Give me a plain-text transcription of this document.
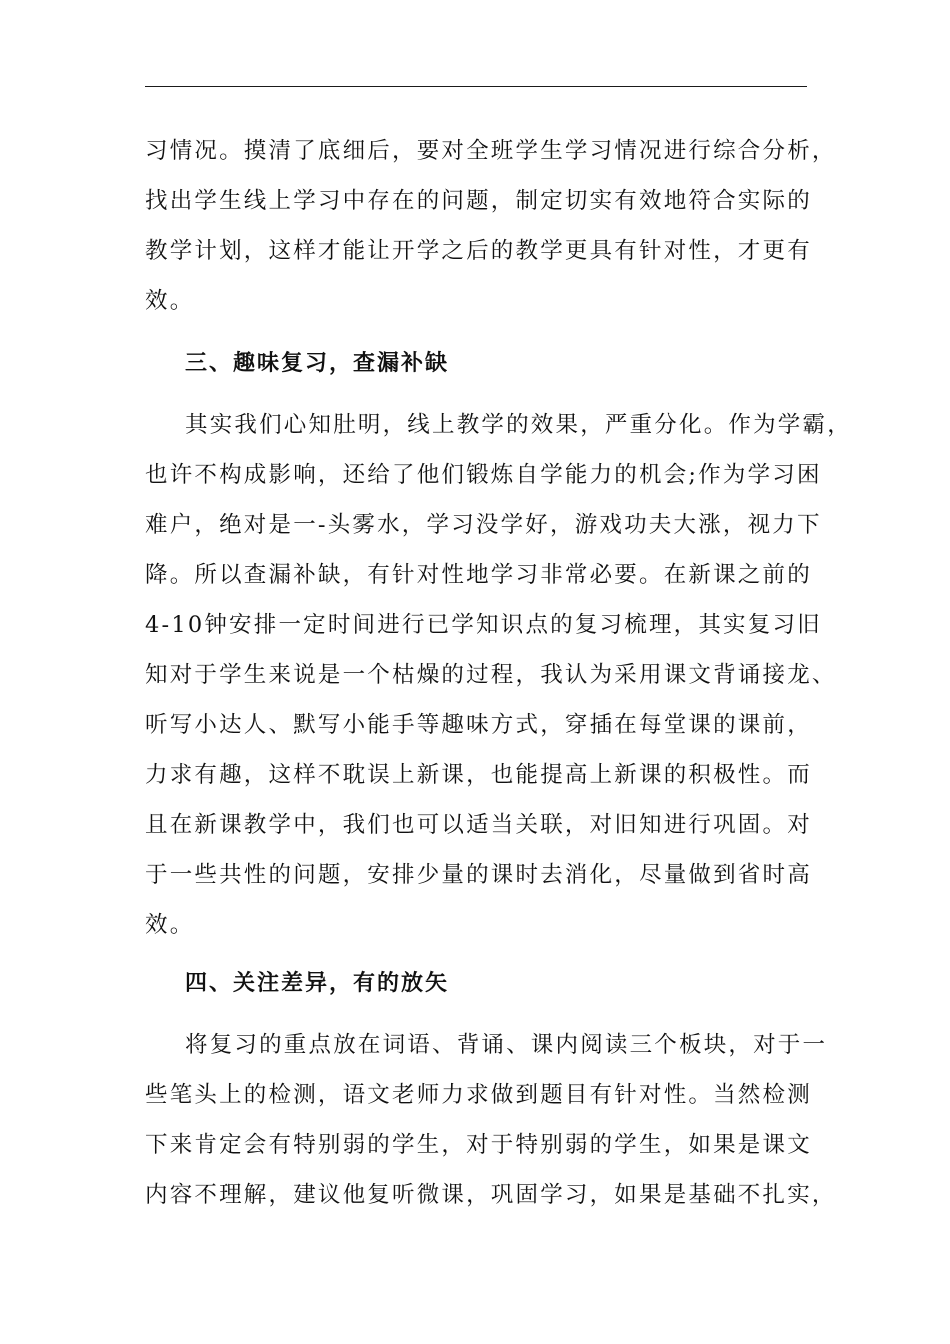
习情况。摸清了底细后，要对全班学生学习情况进行综合分析，
找出学生线上学习中存在的问题，制定切实有效地符合实际的
教学计划，这样才能让开学之后的教学更具有针对性，才更有
效。
三、趣味复习，查漏补缺
其实我们心知肚明，线上教学的效果，严重分化。作为学霸，
也许不构成影响，还给了他们锻炼自学能力的机会;作为学习困
难户，绝对是一-头雾水，学习没学好，游戏功夫大涨，视力下
降。所以查漏补缺，有针对性地学习非常必要。在新课之前的
4-10钟安排一定时间进行已学知识点的复习梳理，其实复习旧
知对于学生来说是一个枯燥的过程，我认为采用课文背诵接龙、
听写小达人、默写小能手等趣味方式，穿插在每堂课的课前，
力求有趣，这样不耽误上新课，也能提高上新课的积极性。而
且在新课教学中，我们也可以适当关联，对旧知进行巩固。对
于一些共性的问题，安排少量的课时去消化，尽量做到省时高
效。
四、关注差异，有的放矢
将复习的重点放在词语、背诵、课内阅读三个板块，对于一
些笔头上的检测，语文老师力求做到题目有针对性。当然检测
下来肯定会有特别弱的学生，对于特别弱的学生，如果是课文
内容不理解，建议他复听微课，巩固学习，如果是基础不扎实，
